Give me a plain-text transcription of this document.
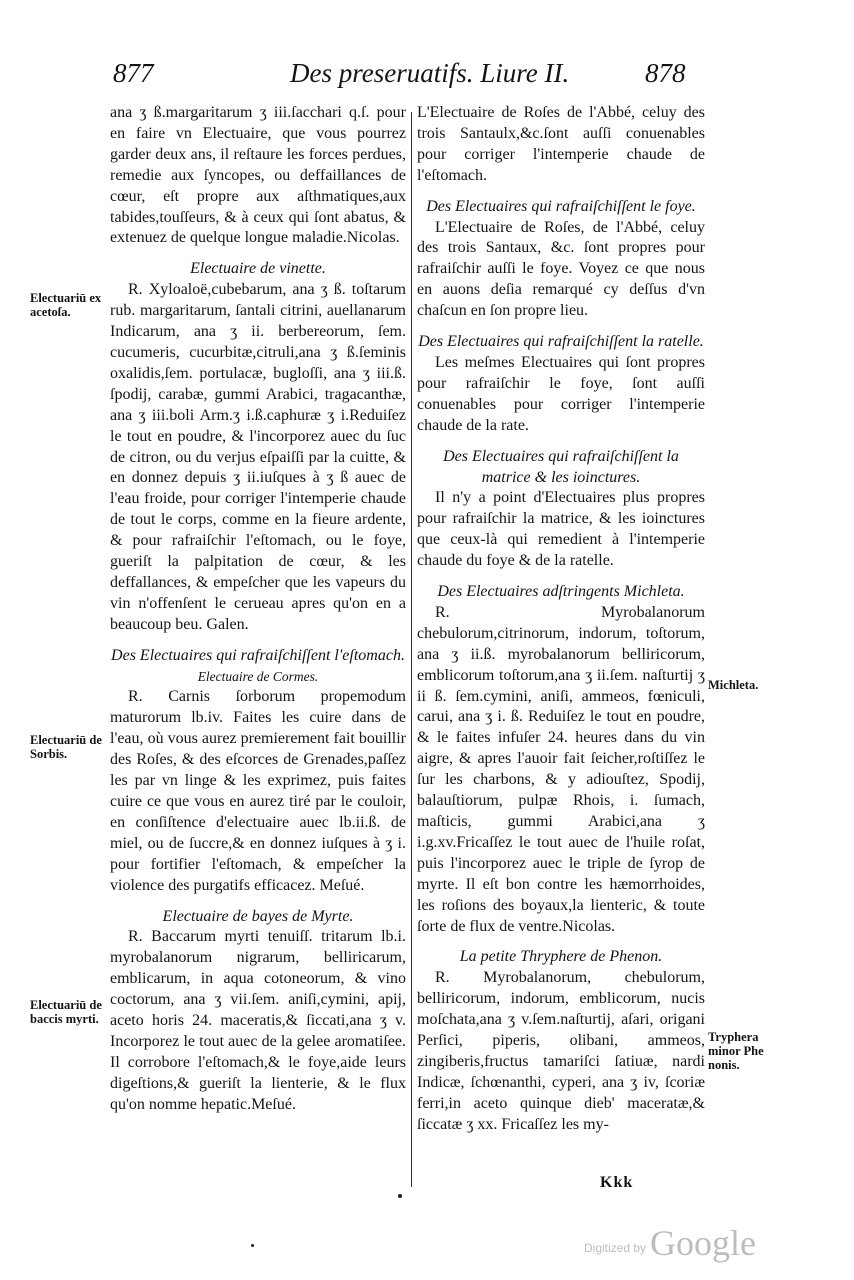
877	Des preseruatifs. Liure II.	878

ana ʒ ß.margaritarum ʒ iii.ſacchari q.ſ. pour en faire vn Electuaire, que vous pourrez garder deux ans, il reſtaure les forces perdues, remedie aux ſyncopes, ou deffaillances de cœur, eſt propre aux aſthmatiques,aux tabides,touſſeurs, & à ceux qui ſont abatus, & extenuez de quelque longue maladie.Nicolas.

Electuaire de vinette.

R. Xyloaloë,cubebarum, ana ʒ ß. toſtarum rub. margaritarum, ſantali citrini, auellanarum Indicarum, ana ʒ ii. berbereorum, ſem. cucumeris, cucurbitæ,citruli,ana ʒ ß.ſeminis oxalidis,ſem. portulacæ, bugloſſi, ana ʒ iii.ß. ſpodij, carabæ, gummi Arabici, tragacanthæ, ana ʒ iii.boli Arm.ʒ i.ß.caphuræ ʒ i.Reduiſez le tout en poudre, & l'incorporez auec du ſuc de citron, ou du verjus eſpaiſſi par la cuitte, & en donnez depuis ʒ ii.iuſques à ʒ ß auec de l'eau froide, pour corriger l'intemperie chaude de tout le corps, comme en la fieure ardente, & pour rafraiſchir l'eſtomach, ou le foye, gueriſt la palpitation de cœur, & les deffallances, & empeſcher que les vapeurs du vin n'offenſent le cerueau apres qu'on en a beaucoup beu. Galen.

Des Electuaires qui rafraiſchiſſent l'eſtomach.

Electuaire de Cormes.

R. Carnis ſorborum propemodum maturorum lb.iv. Faites les cuire dans de l'eau, où vous aurez premierement fait bouillir des Roſes, & des eſcorces de Grenades,paſſez les par vn linge & les exprimez, puis faites cuire ce que vous en aurez tiré par le couloir, en conſiſtence d'electuaire auec lb.ii.ß. de miel, ou de ſuccre,& en donnez iuſques à ʒ i. pour fortifier l'eſtomach, & empeſcher la violence des purgatifs efficacez. Meſué.

Electuaire de bayes de Myrte.

R. Baccarum myrti tenuiſſ. tritarum lb.i. myrobalanorum nigrarum, belliricarum, emblicarum, in aqua cotoneorum, & vino coctorum, ana ʒ vii.ſem. aniſi,cymini, apij, aceto horis 24. maceratis,& ſiccati,ana ʒ v. Incorporez le tout auec de la gelee aromatiſee. Il corrobore l'eſtomach,& le foye,aide leurs digeſtions,& gueriſt la lienterie, & le flux qu'on nomme hepatic.Meſué.

L'Electuaire de Roſes de l'Abbé, celuy des trois Santaulx,&c.ſont auſſi conuenables pour corriger l'intemperie chaude de l'eſtomach.

Des Electuaires qui rafraiſchiſſent le foye.

L'Electuaire de Roſes, de l'Abbé, celuy des trois Santaux, &c. ſont propres pour rafraiſchir auſſi le foye. Voyez ce que nous en auons deſia remarqué cy deſſus d'vn chaſcun en ſon propre lieu.

Des Electuaires qui rafraiſchiſſent la ratelle.

Les meſmes Electuaires qui ſont propres pour rafraiſchir le foye, ſont auſſi conuenables pour corriger l'intemperie chaude de la rate.

Des Electuaires qui rafraiſchiſſent la matrice & les ioinctures.

Il n'y a point d'Electuaires plus propres pour rafraiſchir la matrice, & les ioinctures que ceux-là qui remedient à l'intemperie chaude du foye & de la ratelle.

Des Electuaires adſtringents Michleta.

R. Myrobalanorum chebulorum,citrinorum, indorum, toſtorum, ana ʒ ii.ß. myrobalanorum belliricorum, emblicorum toſtorum,ana ʒ ii.ſem. naſturtij ʒ ii ß. ſem.cymini, aniſi, ammeos, fœniculi, carui, ana ʒ i. ß. Reduiſez le tout en poudre, & le faites infuſer 24. heures dans du vin aigre, & apres l'auoir fait ſeicher,roſtiſſez le ſur les charbons, & y adiouſtez, Spodij, balauſtiorum, pulpæ Rhois, i. ſumach, maſticis, gummi Arabici,ana ʒ i.g.xv.Fricaſſez le tout auec de l'huile roſat, puis l'incorporez auec le triple de ſyrop de myrte. Il eſt bon contre les hæmorrhoides, les roſions des boyaux,la lienteric, & toute ſorte de flux de ventre.Nicolas.

La petite Thryphere de Phenon.

R. Myrobalanorum, chebulorum, belliricorum, indorum, emblicorum, nucis moſchata,ana ʒ v.ſem.naſturtij, aſari, origani Perſici, piperis, olibani, ammeos, zingiberis,fructus tamariſci ſatiuæ, nardi Indicæ, ſchœnanthi, cyperi, ana ʒ iv, ſcoriæ ferri,in aceto quinque dieb' maceratæ,& ſiccatæ ʒ xx. Fricaſſez les my-

Electuariū ex acetoſa.
Electuariū de Sorbis.
Electuariū de baccis myrti.
Michleta.
Tryphera minor Phe nonis.
Kkk
Digitized by Google
